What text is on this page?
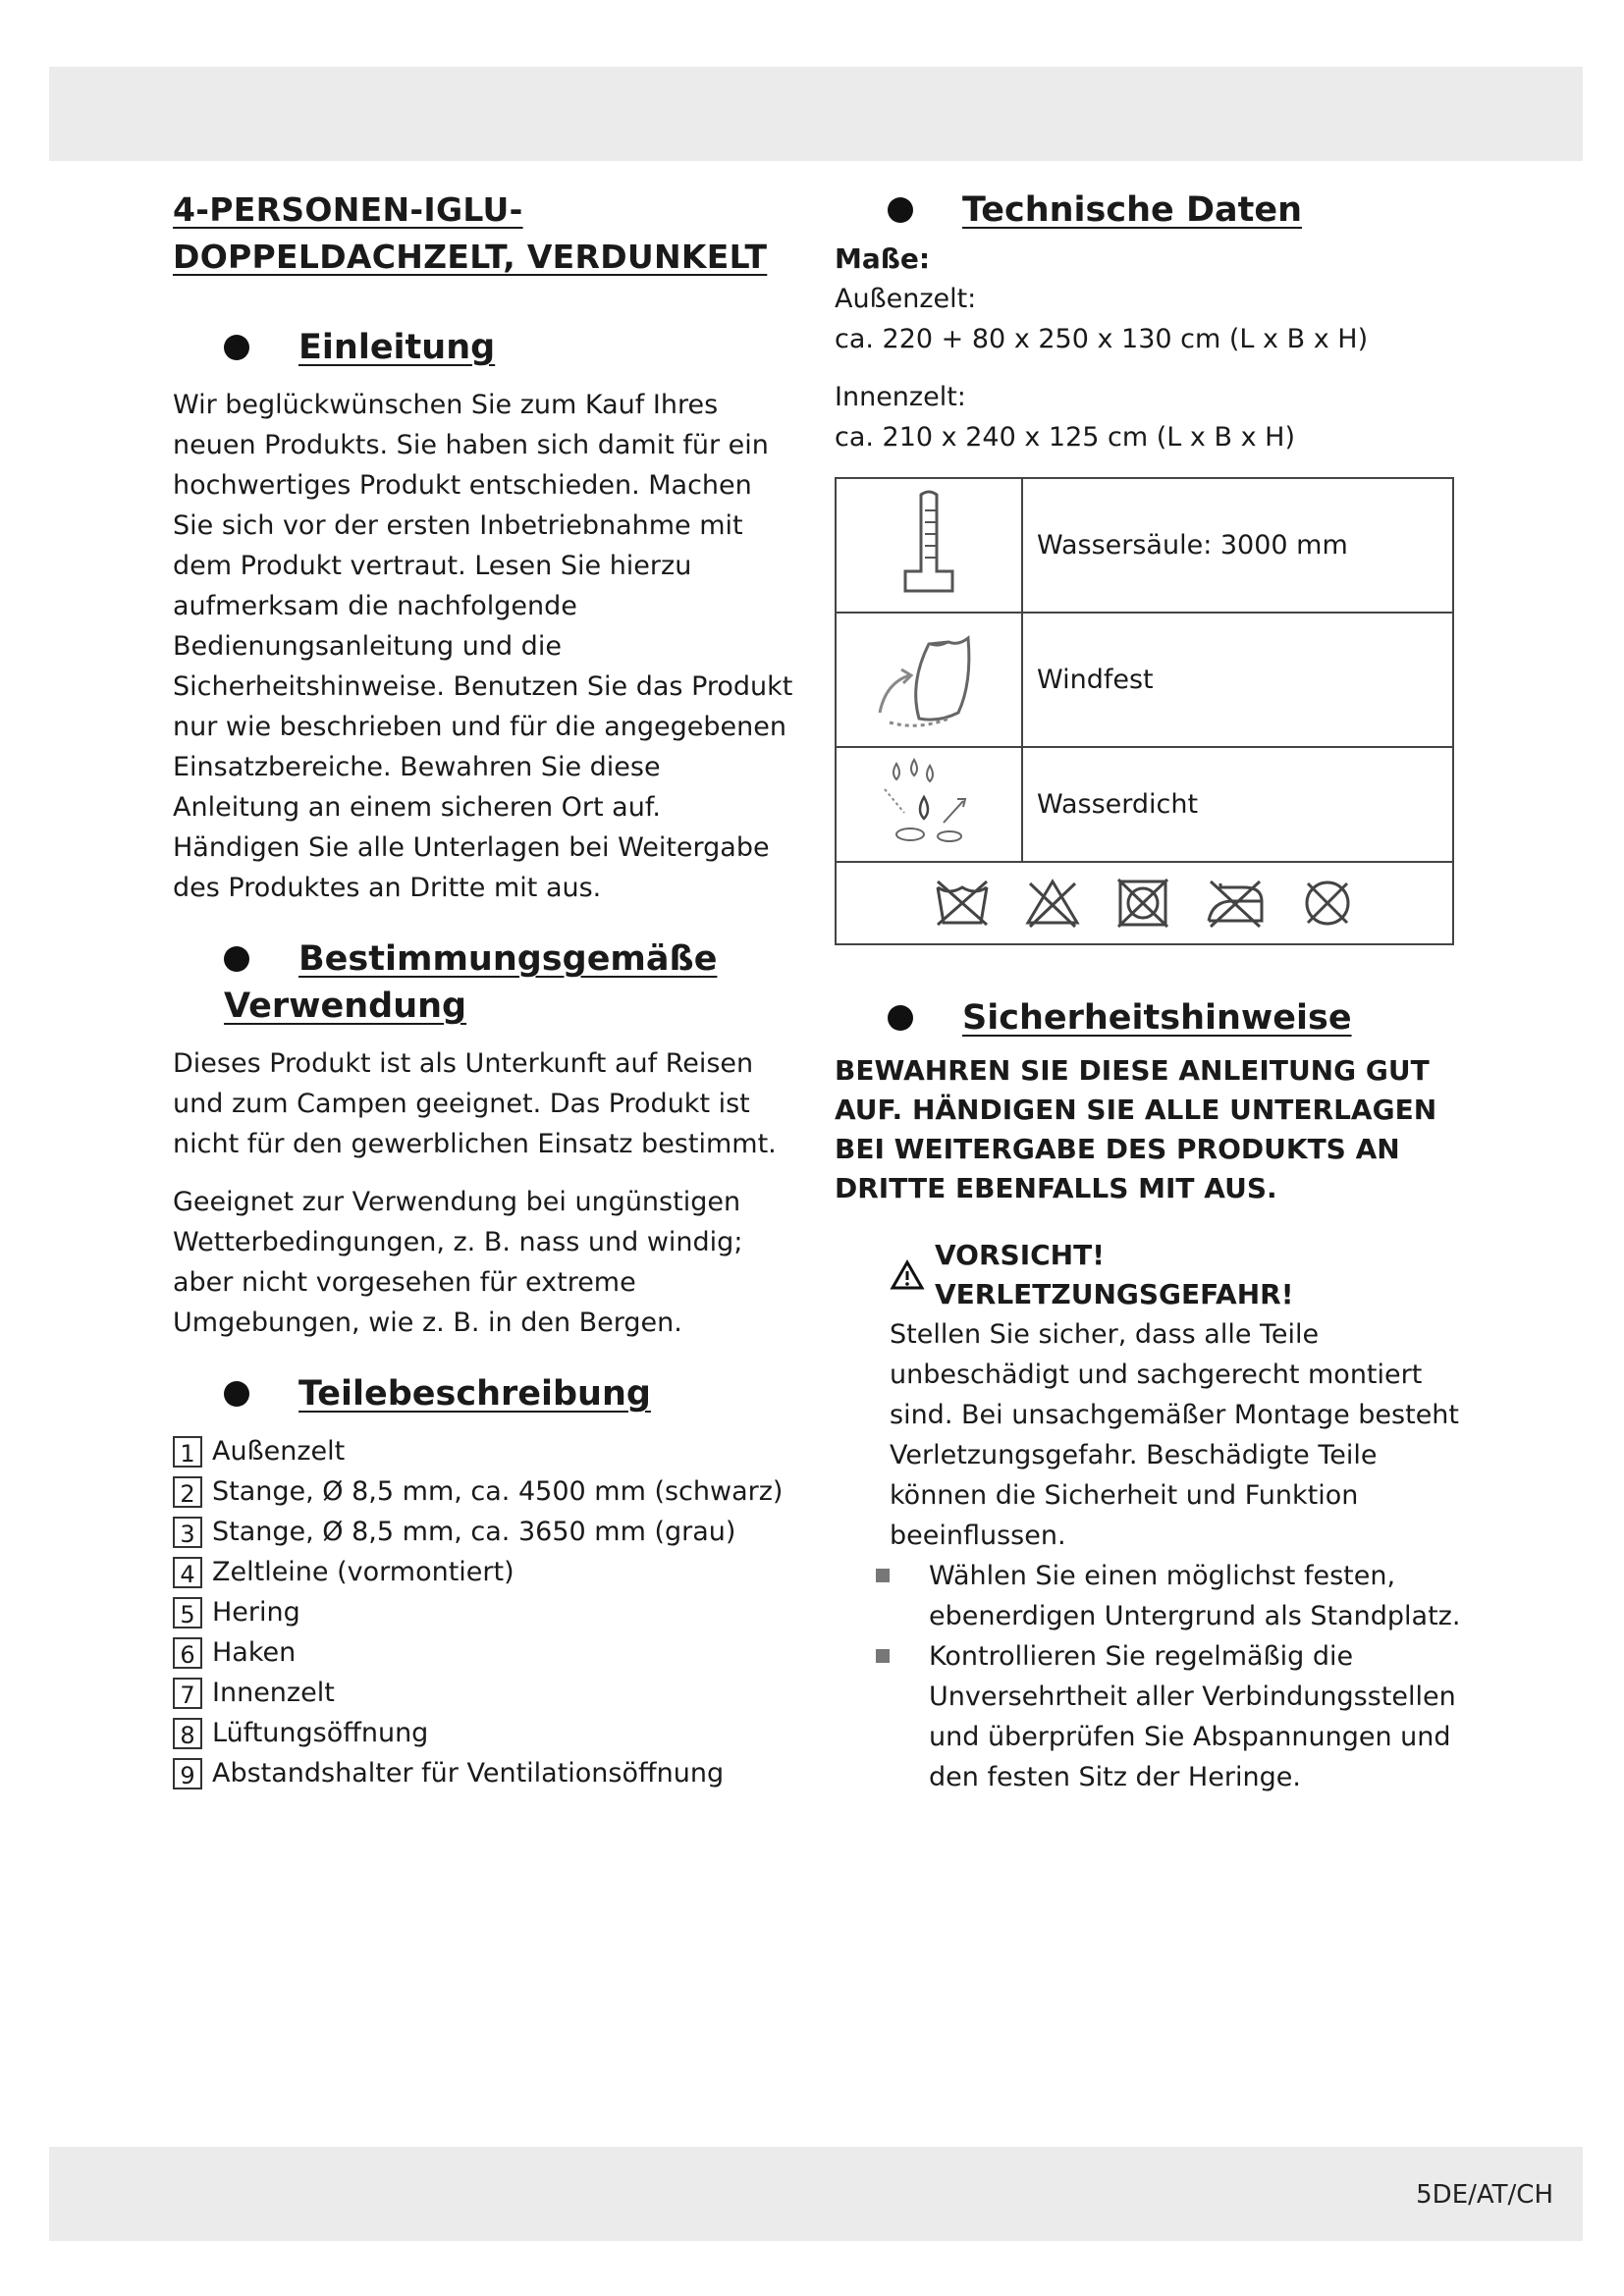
4-PERSONEN-IGLU-
DOPPELDACHZELT, VERDUNKELT
Einleitung

Wir beglückwünschen Sie zum Kauf Ihres neuen Produkts. Sie haben sich damit für ein hochwertiges Produkt entschieden. Machen Sie sich vor der ersten Inbetriebnahme mit dem Produkt vertraut. Lesen Sie hierzu aufmerksam die nachfolgende Bedienungsanleitung und die Sicherheitshinweise. Benutzen Sie das Produkt nur wie beschrieben und für die angegebenen Einsatzbereiche. Bewahren Sie diese Anleitung an einem sicheren Ort auf. Händigen Sie alle Unterlagen bei Weitergabe des Produktes an Dritte mit aus.

Bestimmungsgemäße
Verwendung

Dieses Produkt ist als Unterkunft auf Reisen und zum Campen geeignet. Das Produkt ist nicht für den gewerblichen Einsatz bestimmt.

Geeignet zur Verwendung bei ungünstigen Wetterbedingungen, z. B. nass und windig; aber nicht vorgesehen für extreme Umgebungen, wie z. B. in den Bergen.

Teilebeschreibung
1 Außenzelt
2 Stange, Ø 8,5 mm, ca. 4500 mm (schwarz)
3 Stange, Ø 8,5 mm, ca. 3650 mm (grau)
4 Zeltleine (vormontiert)
5 Hering
6 Haken
7 Innenzelt
8 Lüftungsöffnung
9 Abstandshalter für Ventilationsöffnung
Technische Daten
Maße:

Außenzelt:

ca. 220 + 80 x 250 x 130 cm (L x B x H)

Innenzelt:

ca. 210 x 240 x 125 cm (L x B x H)

	Wassersäule: 3000 mm
	Windfest
	Wasserdicht

Sicherheitshinweise
BEWAHREN SIE DIESE ANLEITUNG GUT AUF. HÄNDIGEN SIE ALLE UNTERLAGEN BEI WEITERGABE DES PRODUKTS AN DRITTE EBENFALLS MIT AUS.
VORSICHT! VERLETZUNGSGEFAHR!

Stellen Sie sicher, dass alle Teile unbeschädigt und sachgerecht montiert sind. Bei unsachgemäßer Montage besteht Verletzungsgefahr. Beschädigte Teile können die Sicherheit und Funktion beeinflussen.

Wählen Sie einen möglichst festen, ebenerdigen Untergrund als Standplatz.

Kontrollieren Sie regelmäßig die Unversehrtheit aller Verbindungsstellen und überprüfen Sie Abspannungen und den festen Sitz der Heringe.

5DE/AT/CH
